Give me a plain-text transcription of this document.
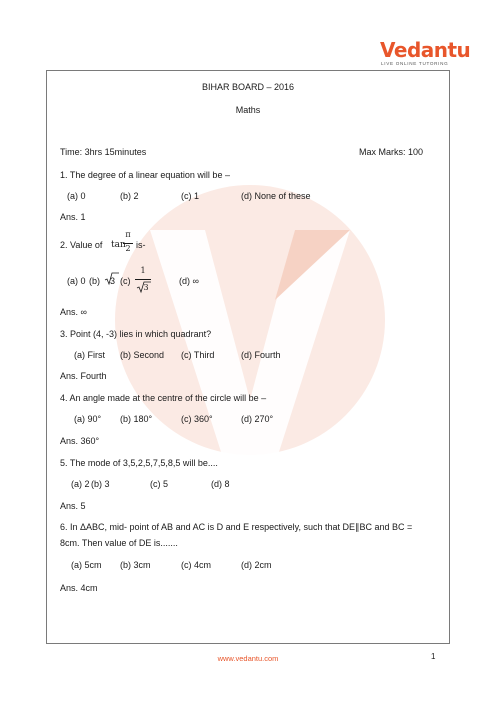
Vedantu
LIVE ONLINE TUTORING
BIHAR BOARD – 2016
Maths
Time: 3hrs 15minutes	Max Marks: 100
1. The degree of a linear equation will be –
(a) 0	(b) 2	(c) 1	(d) None of these
Ans. 1
2. Value of tan
π
2 is-
(a) 0 (b) 3 (c)
1
3
(d) ∞
Ans. ∞
3. Point (4, -3) lies in which quadrant?
(a) First (b) Second (c) Third	(d) Fourth
Ans. Fourth
4. An angle made at the centre of the circle will be –
(a) 90° (b) 180°	(c) 360°	(d) 270°
Ans. 360°
5. The mode of 3,5,2,5,7,5,8,5 will be....
(a) 2 (b) 3	(c) 5	(d) 8
Ans. 5
6. In ΔABC, mid- point of AB and AC is D and E respectively, such that DE∥BC and BC =
8cm. Then value of DE is.......
(a) 5cm (b) 3cm	(c) 4cm	(d) 2cm
Ans. 4cm
www.vedantu.com	1
